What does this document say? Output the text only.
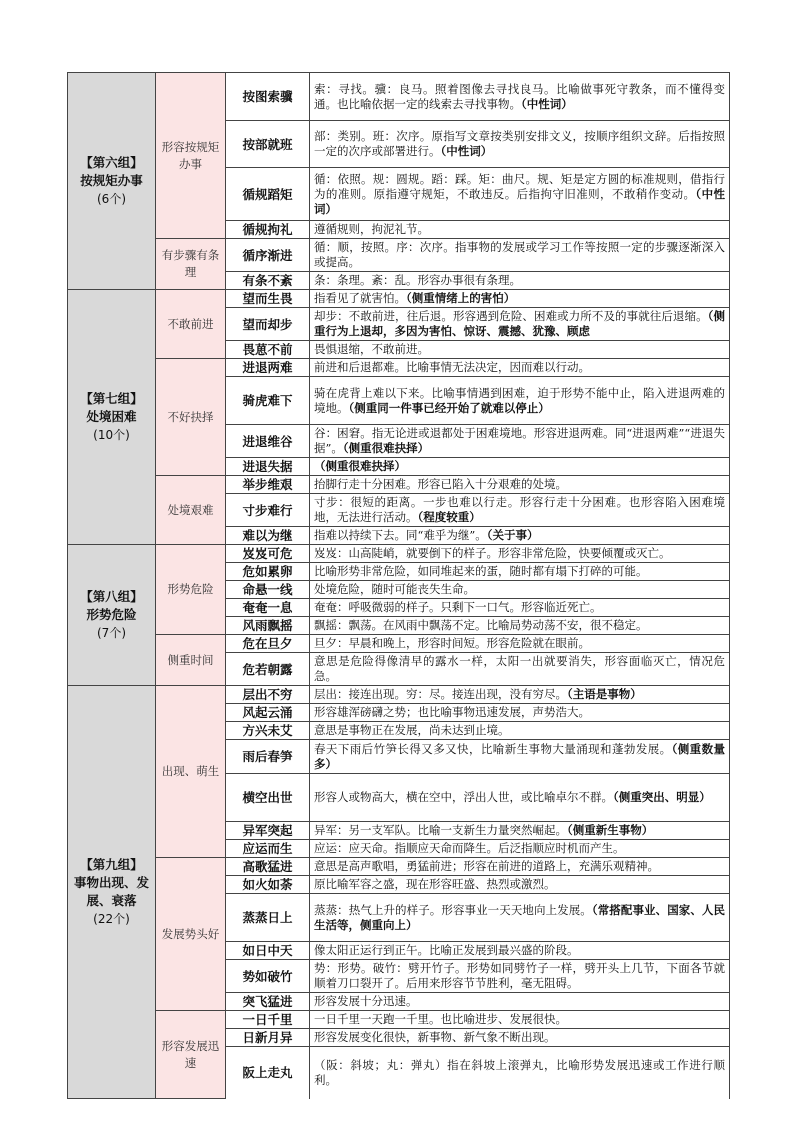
【第六组】
按规矩办事
(6个)	形容按规矩办事	按图索骥	索：寻找。骥：良马。照着图像去寻找良马。比喻做事死守教条，而不懂得变通。也比喻依据一定的线索去寻找事物。（中性词）
		按部就班	部：类别。班：次序。原指写文章按类别安排文义，按顺序组织文辞。后指按照一定的次序或部署进行。（中性词）
		循规蹈矩	循：依照。规：圆规。蹈：踩。矩：曲尺。规、矩是定方圆的标准规则，借指行为的准则。原指遵守规矩，不敢违反。后指拘守旧准则，不敢稍作变动。（中性词）
		循规拘礼	遵循规则，拘泥礼节。
	有步骤有条理	循序渐进	循：顺，按照。序：次序。指事物的发展或学习工作等按照一定的步骤逐渐深入或提高。
		有条不紊	条：条理。紊：乱。形容办事很有条理。
【第七组】
处境困难
(10个)	不敢前进	望而生畏	指看见了就害怕。（侧重情绪上的害怕）
		望而却步	却步：不敢前进，往后退。形容遇到危险、困难或力所不及的事就往后退缩。（侧重行为上退却，多因为害怕、惊讶、震撼、犹豫、顾虑
		畏葸不前	畏惧退缩，不敢前进。
	不好抉择	进退两难	前进和后退都难。比喻事情无法决定，因而难以行动。
		骑虎难下	骑在虎背上难以下来。比喻事情遇到困难，迫于形势不能中止，陷入进退两难的境地。（侧重同一件事已经开始了就难以停止）
		进退维谷	谷：困窘。指无论进或退都处于困难境地。形容进退两难。同“进退两难”“进退失据”。（侧重很难抉择）
		进退失据	（侧重很难抉择）
	处境艰难	举步维艰	抬脚行走十分困难。形容已陷入十分艰难的处境。
		寸步难行	寸步：很短的距离。一步也难以行走。形容行走十分困难。也形容陷入困难境地，无法进行活动。（程度较重）
		难以为继	指难以持续下去。同“难乎为继”。（关于事）
【第八组】
形势危险
(7个)	形势危险	岌岌可危	岌岌：山高陡峭，就要倒下的样子。形容非常危险，快要倾覆或灭亡。
		危如累卵	比喻形势非常危险，如同堆起来的蛋，随时都有塌下打碎的可能。
		命悬一线	处境危险，随时可能丧失生命。
		奄奄一息	奄奄：呼吸微弱的样子。只剩下一口气。形容临近死亡。
		风雨飘摇	飘摇：飘荡。在风雨中飘荡不定。比喻局势动荡不安，很不稳定。
	侧重时间	危在旦夕	旦夕：早晨和晚上，形容时间短。形容危险就在眼前。
		危若朝露	意思是危险得像清早的露水一样，太阳一出就要消失，形容面临灭亡，情况危急。
【第九组】
事物出现、发展、衰落
(22个)	出现、萌生	层出不穷	层出：接连出现。穷：尽。接连出现，没有穷尽。（主语是事物）
		风起云涌	形容雄浑磅礴之势；也比喻事物迅速发展，声势浩大。
		方兴未艾	意思是事物正在发展，尚未达到止境。
		雨后春笋	春天下雨后竹笋长得又多又快，比喻新生事物大量涌现和蓬勃发展。（侧重数量多）
		横空出世	形容人或物高大，横在空中，浮出人世，或比喻卓尔不群。（侧重突出、明显）
		异军突起	异军：另一支军队。比喻一支新生力量突然崛起。（侧重新生事物）
		应运而生	应运：应天命。指顺应天命而降生。后泛指顺应时机而产生。
	发展势头好	高歌猛进	意思是高声歌唱，勇猛前进；形容在前进的道路上，充满乐观精神。
		如火如荼	原比喻军容之盛，现在形容旺盛、热烈或激烈。
		蒸蒸日上	蒸蒸：热气上升的样子。形容事业一天天地向上发展。（常搭配事业、国家、人民生活等，侧重向上）
		如日中天	像太阳正运行到正午。比喻正发展到最兴盛的阶段。
		势如破竹	势：形势。破竹：劈开竹子。形势如同劈竹子一样，劈开头上几节，下面各节就顺着刀口裂开了。后用来形容节节胜利，毫无阻碍。
		突飞猛进	形容发展十分迅速。
	形容发展迅速	一日千里	一日千里一天跑一千里。也比喻进步、发展很快。
		日新月异	形容发展变化很快，新事物、新气象不断出现。
		阪上走丸	（阪：斜坡；丸：弹丸）指在斜坡上滚弹丸，比喻形势发展迅速或工作进行顺利。
